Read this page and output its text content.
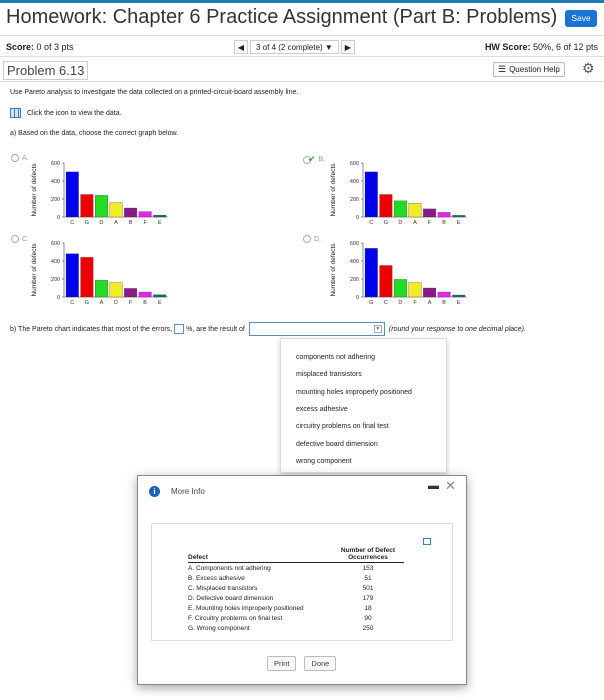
Homework: Chapter 6 Practice Assignment (Part B: Problems)	Save
Score: 0 of 3 pts	◀	3 of 4 (2 complete) ▼	▶	HW Score: 50%, 6 of 12 pts
Problem 6.13	☰ Question Help ⚙
Use Pareto analysis to investigate the data collected on a printed-circuit-board assembly line.
Click the icon to view the data.
a) Based on the data, choose the correct graph below.
A.	✔ B.
C.	D.
Number of defects 600
400
200
0
C G D A B F E
Number of defects 600
400
200
0
C G D A F B E
Number of defects 600
400
200
0
C G A D F B E
Number of defects 600
400
200
0
G C D F A B E
b) The Pareto chart indicates that most of the errors, %, are the result of	▼ (round your response to one decimal place).
components not adhering
misplaced transistors
mounting holes improperly positioned
excess adhesive
circuitry problems on final test
defective board dimension
wrong component
i	More Info	▬ ✕
Defect
Number of Defect Occurrences
A. Components not adhering	153
B. Excess adhesive	51
C. Misplaced transistors	501
D. Defective board dimension	179
E. Mounting holes improperly positioned	18
F. Circuitry problems on final test	90
G. Wrong component	250
Print	Done
